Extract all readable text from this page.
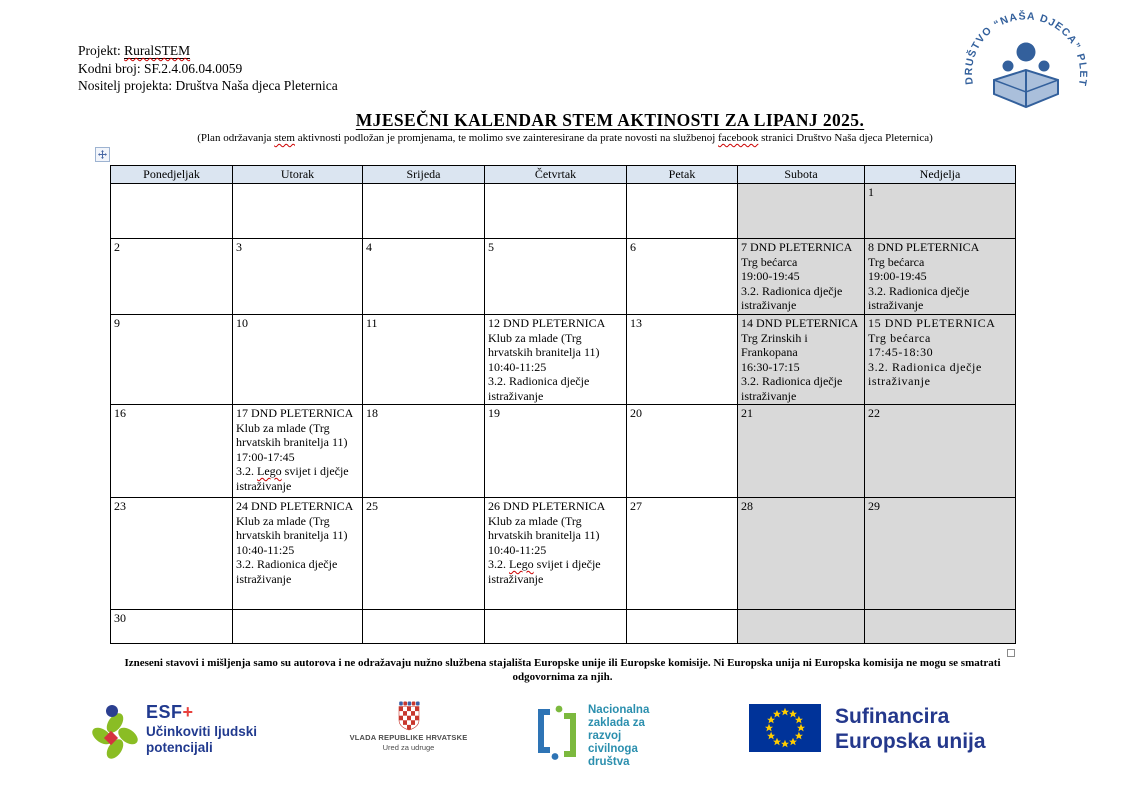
Projekt: RuralSTEM
Kodni broj: SF.2.4.06.04.0059
Nositelj projekta: Društva Naša djeca Pleternica	DRUŠTVO “NAŠA DJECA” PLET
MJESEČNI KALENDAR STEM AKTINOSTI ZA LIPANJ 2025.
(Plan održavanja stem aktivnosti podložan je promjenama, te molimo sve zainteresirane da prate novosti na službenoj facebook stranici Društvo Naša djeca Pleternica)
Ponedjeljak	Utorak	Srijeda	Četvrtak	Petak	Subota	Nedjelja
						1
2	3	4	5	6	7 DND PLETERNICA
Trg bećarca
19:00-19:45
3.2. Radionica dječje istraživanje	8 DND PLETERNICA
Trg bećarca
19:00-19:45
3.2. Radionica dječje istraživanje
9	10	11	12 DND PLETERNICA
Klub za mlade (Trg hrvatskih branitelja 11)
10:40-11:25
3.2. Radionica dječje istraživanje	13	14 DND PLETERNICA
Trg Zrinskih i Frankopana
16:30-17:15
3.2. Radionica dječje istraživanje	15 DND PLETERNICA
Trg bećarca
17:45-18:30
3.2. Radionica dječje istraživanje
16	17 DND PLETERNICA
Klub za mlade (Trg hrvatskih branitelja 11)
17:00-17:45
3.2. Lego svijet i dječje istraživanje	18	19	20	21	22
23	24 DND PLETERNICA
Klub za mlade (Trg hrvatskih branitelja 11)
10:40-11:25
3.2. Radionica dječje istraživanje	25	26 DND PLETERNICA
Klub za mlade (Trg hrvatskih branitelja 11)
10:40-11:25
3.2. Lego svijet i dječje istraživanje	27	28	29
30						
Izneseni stavovi i mišljenja samo su autorova i ne odražavaju nužno službena stajališta Europske unije ili Europske komisije. Ni Europska unija ni Europska komisija ne mogu se smatrati odgovornima za njih.
ESF+
Učinkoviti ljudski
potencijali
VLADA REPUBLIKE HRVATSKE
Ured za udruge
Nacionalna
zaklada za
razvoj
civilnoga
društva
Sufinancira
Europska unija
